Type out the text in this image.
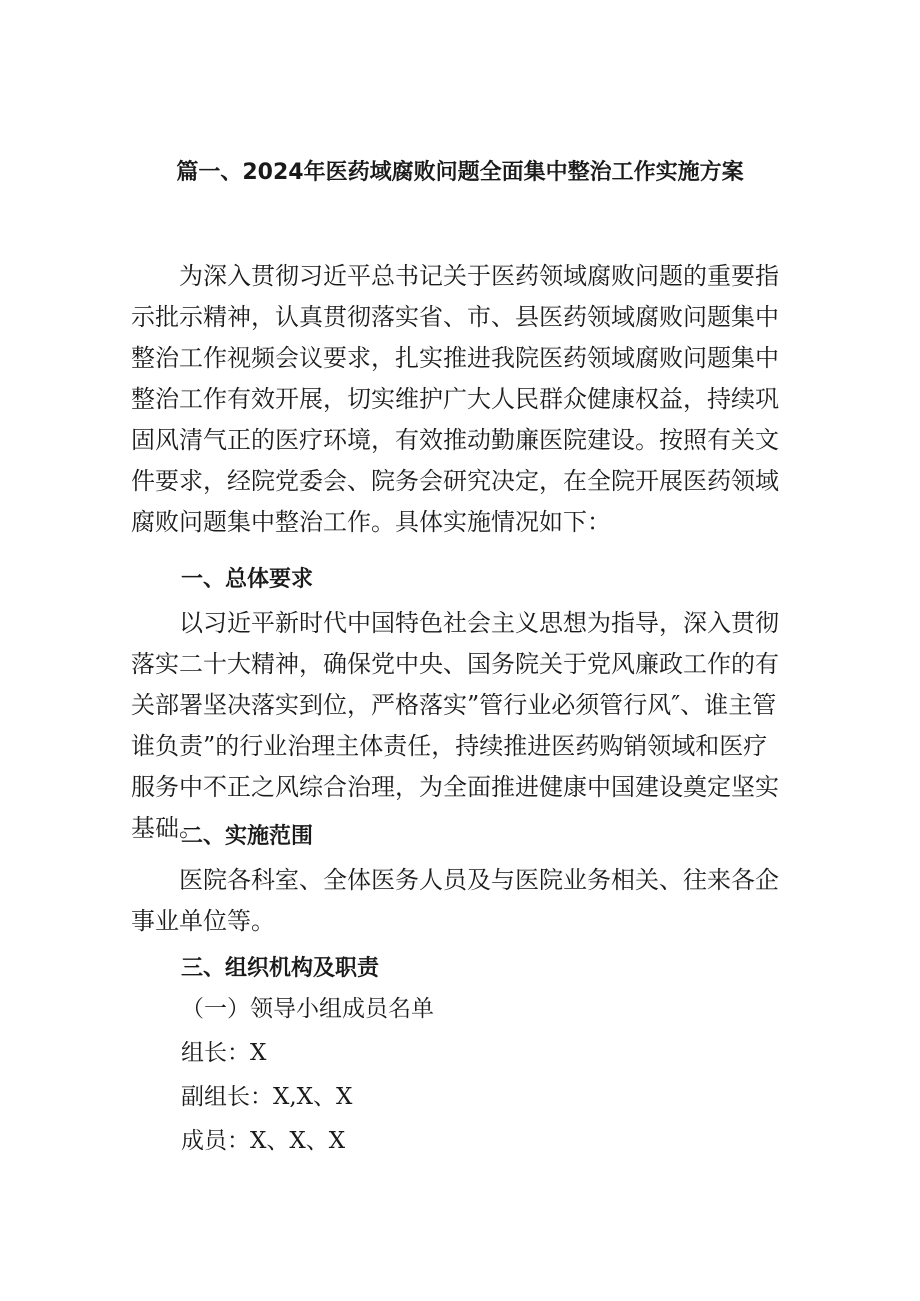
篇一、2024年医药域腐败问题全面集中整治工作实施方案

为深入贯彻习近平总书记关于医药领域腐败问题的重要指示批示精神，认真贯彻落实省、市、县医药领域腐败问题集中整治工作视频会议要求，扎实推进我院医药领域腐败问题集中整治工作有效开展，切实维护广大人民群众健康权益，持续巩固风清气正的医疗环境，有效推动勤廉医院建设。按照有关文件要求，经院党委会、院务会研究决定，在全院开展医药领域腐败问题集中整治工作。具体实施情况如下：

一、总体要求

以习近平新时代中国特色社会主义思想为指导，深入贯彻落实二十大精神，确保党中央、国务院关于党风廉政工作的有关部署坚决落实到位，严格落实”管行业必须管行风″、谁主管谁负责”的行业治理主体责任，持续推进医药购销领域和医疗服务中不正之风综合治理，为全面推进健康中国建设奠定坚实基础。

二、实施范围

医院各科室、全体医务人员及与医院业务相关、往来各企事业单位等。

三、组织机构及职责
（一）领导小组成员名单
组长：X
副组长：X,X、X
成员：X、X、X
